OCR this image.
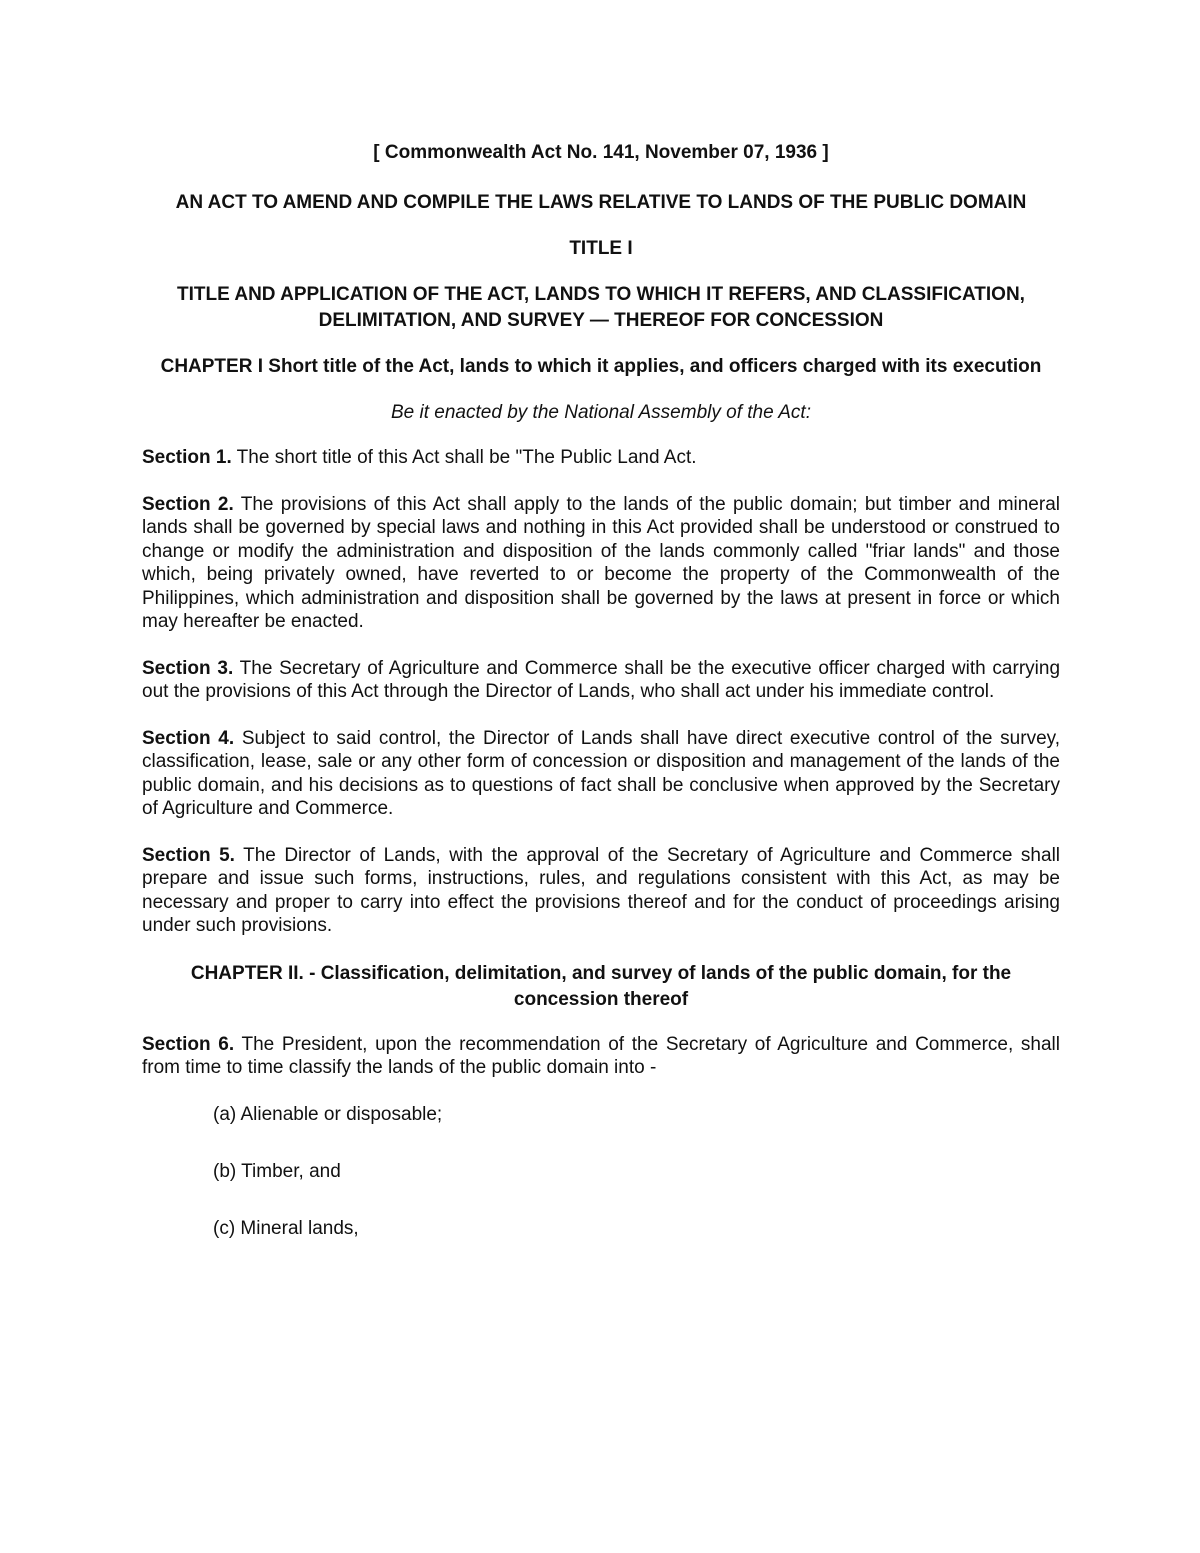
[ Commonwealth Act No. 141, November 07, 1936 ]

AN ACT TO AMEND AND COMPILE THE LAWS RELATIVE TO LANDS OF THE PUBLIC DOMAIN

TITLE I

TITLE AND APPLICATION OF THE ACT, LANDS TO WHICH IT REFERS, AND CLASSIFICATION, DELIMITATION, AND SURVEY — THEREOF FOR CONCESSION

CHAPTER I Short title of the Act, lands to which it applies, and officers charged with its execution

Be it enacted by the National Assembly of the Act:

Section 1. The short title of this Act shall be "The Public Land Act.

Section 2. The provisions of this Act shall apply to the lands of the public domain; but timber and mineral lands shall be governed by special laws and nothing in this Act provided shall be understood or construed to change or modify the administration and disposition of the lands commonly called "friar lands" and those which, being privately owned, have reverted to or become the property of the Commonwealth of the Philippines, which administration and disposition shall be governed by the laws at present in force or which may hereafter be enacted.

Section 3. The Secretary of Agriculture and Commerce shall be the executive officer charged with carrying out the provisions of this Act through the Director of Lands, who shall act under his immediate control.

Section 4. Subject to said control, the Director of Lands shall have direct executive control of the survey, classification, lease, sale or any other form of concession or disposition and management of the lands of the public domain, and his decisions as to questions of fact shall be conclusive when approved by the Secretary of Agriculture and Commerce.

Section 5. The Director of Lands, with the approval of the Secretary of Agriculture and Commerce shall prepare and issue such forms, instructions, rules, and regulations consistent with this Act, as may be necessary and proper to carry into effect the provisions thereof and for the conduct of proceedings arising under such provisions.

CHAPTER II. - Classification, delimitation, and survey of lands of the public domain, for the concession thereof

Section 6. The President, upon the recommendation of the Secretary of Agriculture and Commerce, shall from time to time classify the lands of the public domain into -

(a) Alienable or disposable;

(b) Timber, and

(c) Mineral lands,
